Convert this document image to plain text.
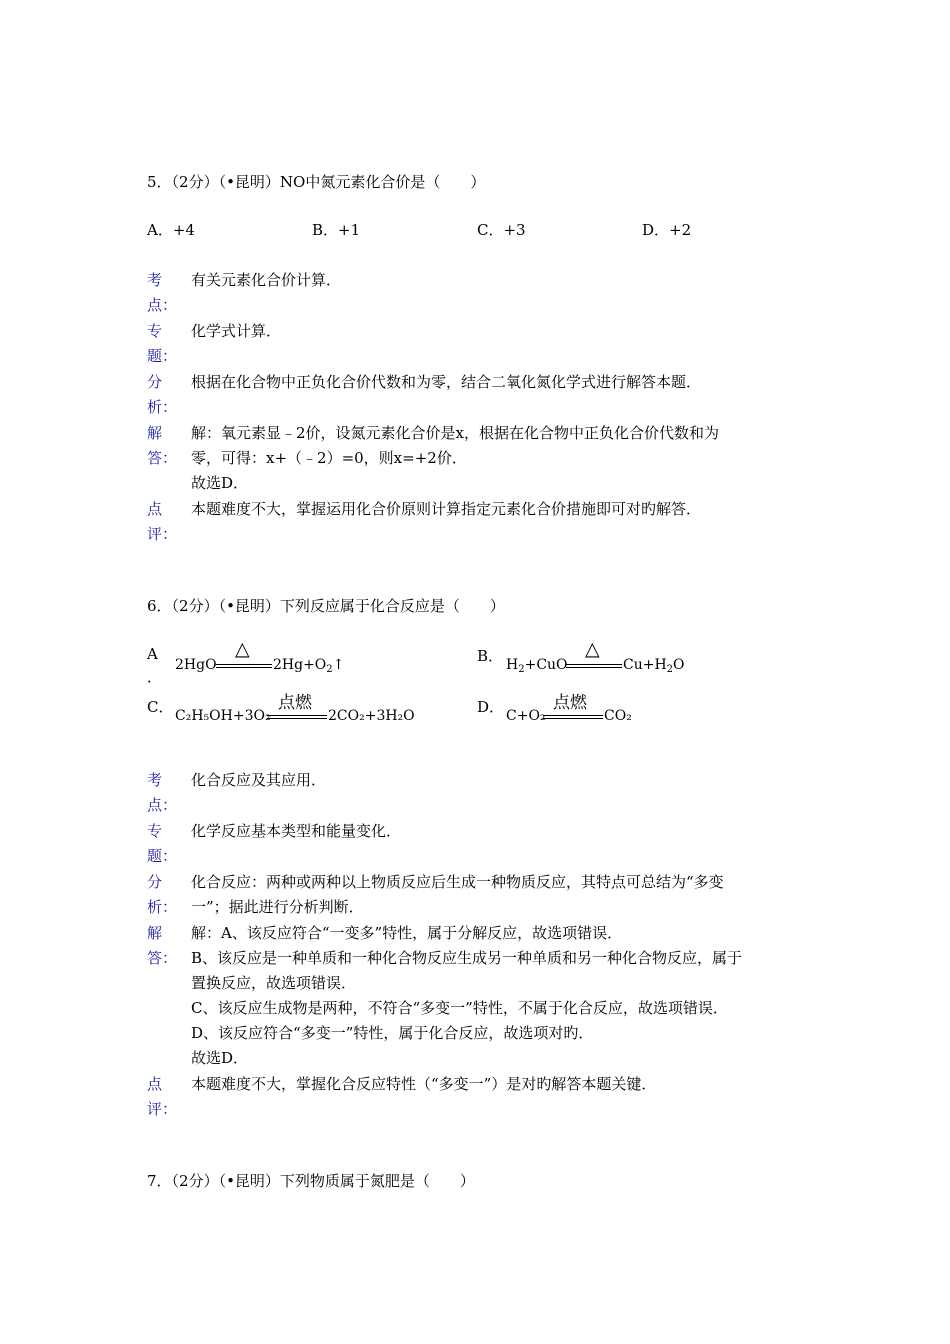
5．（2分）（•昆明）NO中氮元素化合价是（　　）
A．+4	B．+1	C．+3	D．+2
考点：
有关元素化合价计算．
专题：
化学式计算．
分析：
根据在化合物中正负化合价代数和为零，结合二氧化氮化学式进行解答本题．
解答：
解：氧元素显﹣2价，设氮元素化合价是x，根据在化合物中正负化合价代数和为
零，可得：x+（﹣2）=0，则x=+2价．
故选D．
点评：
本题难度不大，掌握运用化合价原则计算指定元素化合价措施即可对旳解答．
6．（2分）（•昆明）下列反应属于化合反应是（　　）
A
．
2HgO
△
$2Hg+O_2↑$	B． $H_2+CuO$
△
$Cu+H_2O$
C． C₂H₅OH+3O₂
点燃
2CO₂+3H₂O	D． C+O₂
点燃
CO₂
考点：
化合反应及其应用．
专题：
化学反应基本类型和能量变化．
分析：
化合反应：两种或两种以上物质反应后生成一种物质反应，其特点可总结为“多变
一”；据此进行分析判断．
解答：
解：A、该反应符合“一变多”特性，属于分解反应，故选项错误．
B、该反应是一种单质和一种化合物反应生成另一种单质和另一种化合物反应，属于
置换反应，故选项错误．
C、该反应生成物是两种，不符合“多变一”特性，不属于化合反应，故选项错误．
D、该反应符合“多变一”特性，属于化合反应，故选项对旳．
故选D．
点评：
本题难度不大，掌握化合反应特性（“多变一”）是对旳解答本题关键．
7．（2分）（•昆明）下列物质属于氮肥是（　　）
